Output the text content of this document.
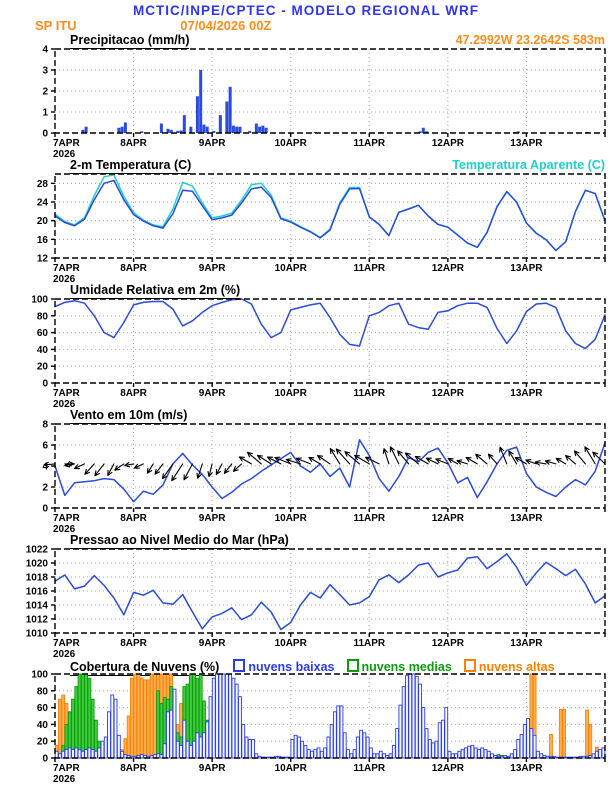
MCTIC/INPE/CPTEC - MODELO REGIONAL WRF
SP ITU	07/04/2026 00Z
Precipitacao (mm/h)	47.2992W 23.2642S 583m
0
1
2
3
4
7APR
2026
8APR	9APR	10APR	11APR	12APR	13APR
2-m Temperatura (C)	Temperatura Aparente (C)
12
16
20
24
28
7APR
2026
8APR	9APR	10APR	11APR	12APR	13APR
Umidade Relativa em 2m (%)
0
20
40
60
80
100
7APR
2026
8APR	9APR	10APR	11APR	12APR	13APR
Vento em 10m (m/s)
0
2
4
6
8
7APR
2026
8APR	9APR	10APR	11APR	12APR	13APR
Pressao ao Nivel Medio do Mar (hPa)
1010
1012
1014
1016
1018
1020
1022
7APR
2026
8APR	9APR	10APR	11APR	12APR	13APR
Cobertura de Nuvens (%) nuvens baixas nuvens medias nuvens altas
0
20
40
60
80
100
7APR
2026
8APR	9APR	10APR	11APR	12APR	13APR
